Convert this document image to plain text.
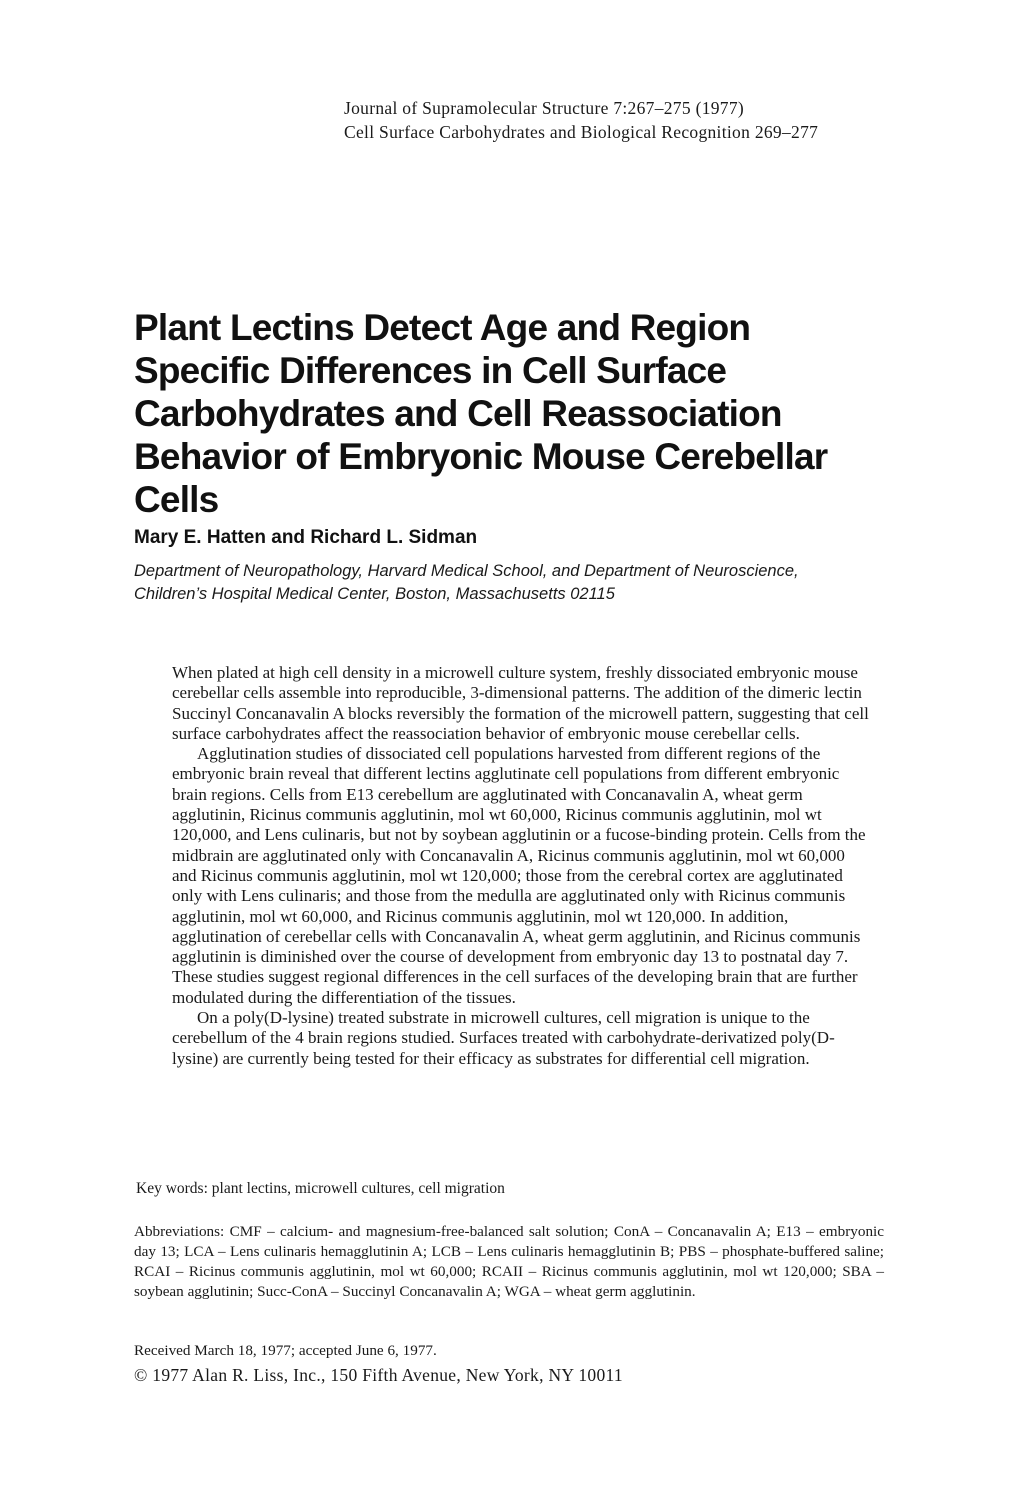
Journal of Supramolecular Structure 7:267–275 (1977)
Cell Surface Carbohydrates and Biological Recognition 269–277
Plant Lectins Detect Age and Region
Specific Differences in Cell Surface
Carbohydrates and Cell Reassociation
Behavior of Embryonic Mouse Cerebellar
Cells
Mary E. Hatten and Richard L. Sidman
Department of Neuropathology, Harvard Medical School, and Department of Neuroscience,
Children’s Hospital Medical Center, Boston, Massachusetts 02115

When plated at high cell density in a microwell culture system, freshly dissociated embryonic mouse cerebellar cells assemble into reproducible, 3-dimensional patterns. The addition of the dimeric lectin Succinyl Concanavalin A blocks reversibly the formation of the microwell pattern, suggesting that cell surface carbohydrates affect the reassociation behavior of embryonic mouse cerebellar cells.

Agglutination studies of dissociated cell populations harvested from different regions of the embryonic brain reveal that different lectins agglutinate cell populations from different embryonic brain regions. Cells from E13 cerebellum are agglutinated with Concanavalin A, wheat germ agglutinin, Ricinus communis agglutinin, mol wt 60,000, Ricinus communis agglutinin, mol wt 120,000, and Lens culinaris, but not by soybean agglutinin or a fucose-binding protein. Cells from the midbrain are agglutinated only with Concanavalin A, Ricinus communis agglutinin, mol wt 60,000 and Ricinus communis agglutinin, mol wt 120,000; those from the cerebral cortex are agglutinated only with Lens culinaris; and those from the medulla are agglutinated only with Ricinus communis agglutinin, mol wt 60,000, and Ricinus communis agglutinin, mol wt 120,000. In addition, agglutination of cerebellar cells with Concanavalin A, wheat germ agglutinin, and Ricinus communis agglutinin is diminished over the course of development from embryonic day 13 to postnatal day 7. These studies suggest regional differences in the cell surfaces of the developing brain that are further modulated during the differentiation of the tissues.

On a poly(D-lysine) treated substrate in microwell cultures, cell migration is unique to the cerebellum of the 4 brain regions studied. Surfaces treated with carbohydrate-derivatized poly(D-lysine) are currently being tested for their efficacy as substrates for differential cell migration.

Key words: plant lectins, microwell cultures, cell migration
Abbreviations: CMF – calcium- and magnesium-free-balanced salt solution; ConA – Concanavalin A; E13 – embryonic day 13; LCA – Lens culinaris hemagglutinin A; LCB – Lens culinaris hemagglutinin B; PBS – phosphate-buffered saline; RCAI – Ricinus communis agglutinin, mol wt 60,000; RCAII – Ricinus communis agglutinin, mol wt 120,000; SBA – soybean agglutinin; Succ-ConA – Succinyl Concanavalin A; WGA – wheat germ agglutinin.
Received March 18, 1977; accepted June 6, 1977.
© 1977 Alan R. Liss, Inc., 150 Fifth Avenue, New York, NY 10011
